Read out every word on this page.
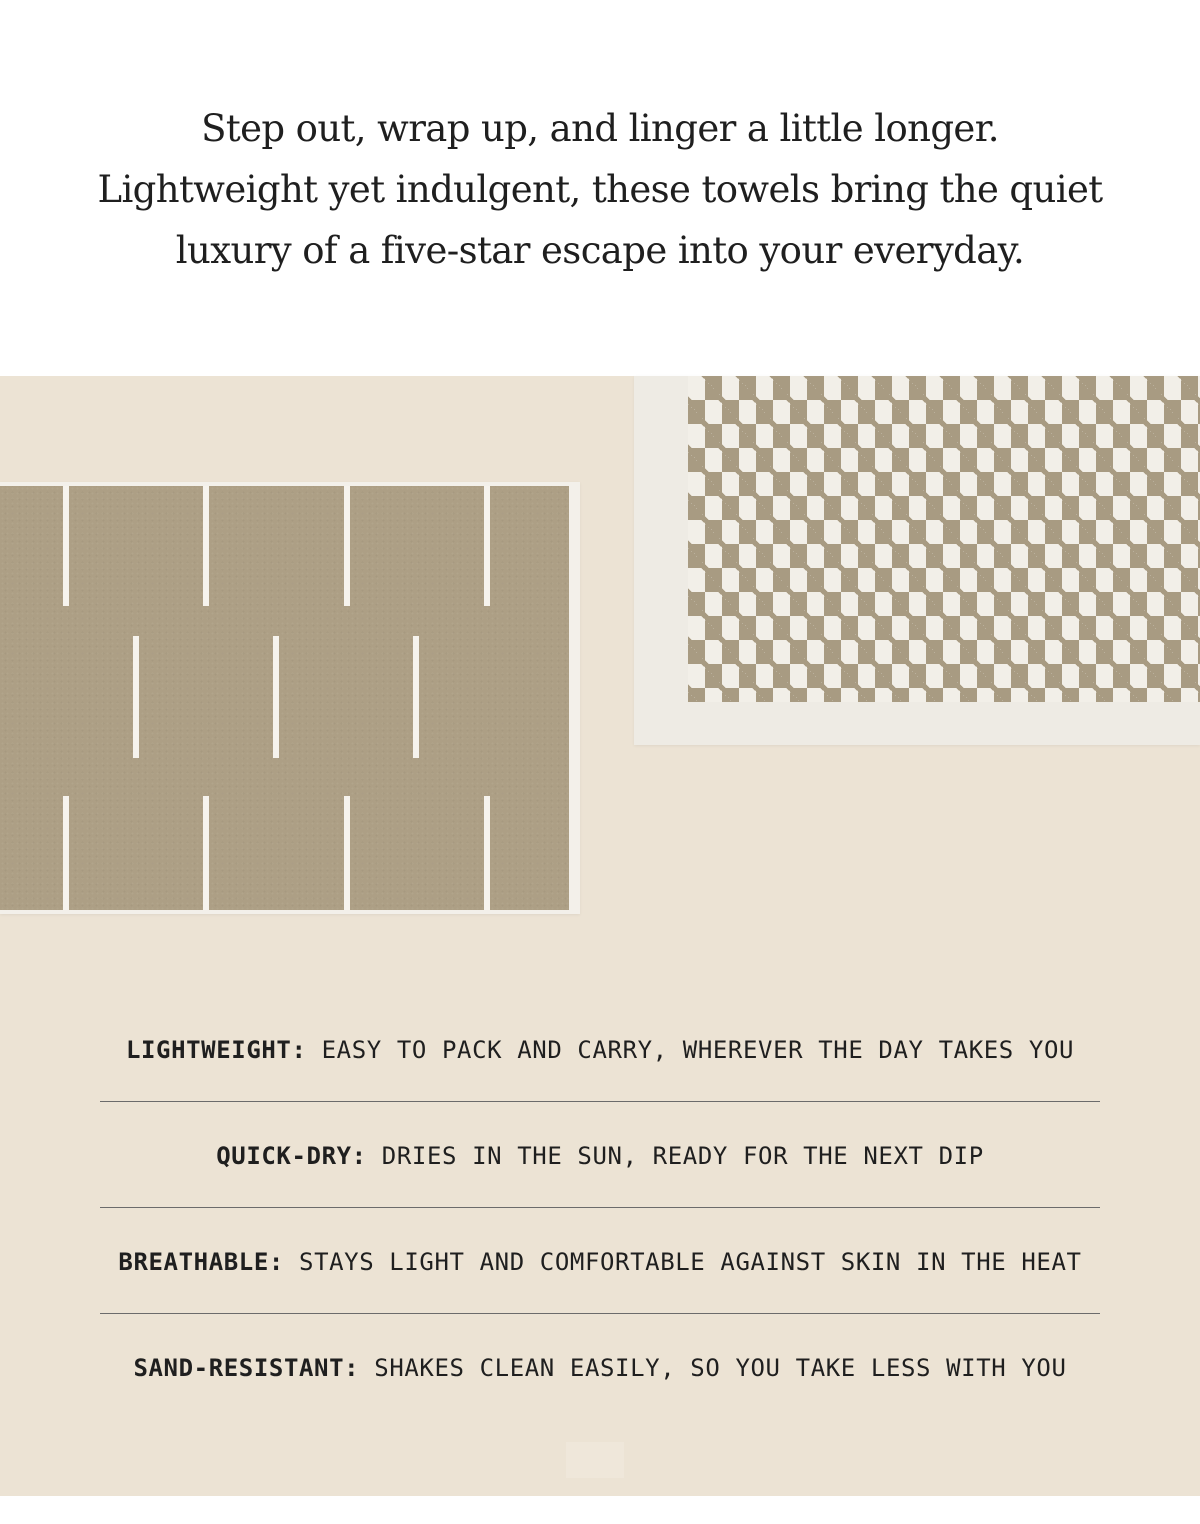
Step out, wrap up, and linger a little longer.
Lightweight yet indulgent, these towels bring the quiet
luxury of a five-star escape into your everyday.

LIGHTWEIGHT: EASY TO PACK AND CARRY, WHEREVER THE DAY TAKES YOU
QUICK-DRY: DRIES IN THE SUN, READY FOR THE NEXT DIP
BREATHABLE: STAYS LIGHT AND COMFORTABLE AGAINST SKIN IN THE HEAT
SAND-RESISTANT: SHAKES CLEAN EASILY, SO YOU TAKE LESS WITH YOU
